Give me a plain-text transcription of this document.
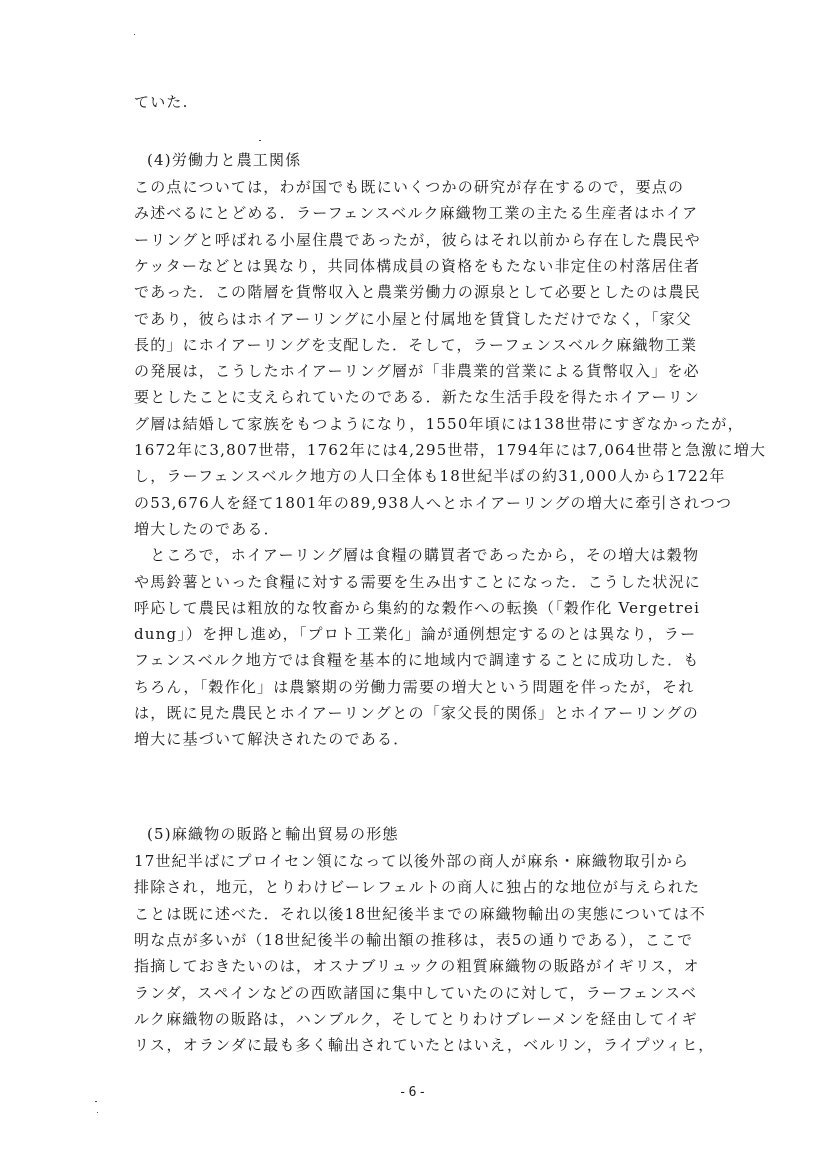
ていた.
(4)労働力と農工関係
この点については，わが国でも既にいくつかの研究が存在するので，要点の
み述べるにとどめる．ラーフェンスベルク麻織物工業の主たる生産者はホイア
ーリングと呼ばれる小屋住農であったが，彼らはそれ以前から存在した農民や
ケッターなどとは異なり，共同体構成員の資格をもたない非定住の村落居住者
であった．この階層を貨幣収入と農業労働力の源泉として必要としたのは農民
であり，彼らはホイアーリングに小屋と付属地を賃貸しただけでなく，「家父
長的」にホイアーリングを支配した．そして，ラーフェンスベルク麻織物工業
の発展は，こうしたホイアーリング層が「非農業的営業による貨幣収入」を必
要としたことに支えられていたのである．新たな生活手段を得たホイアーリン
グ層は結婚して家族をもつようになり，1550年頃には138世帯にすぎなかったが，
1672年に3,807世帯，1762年には4,295世帯，1794年には7,064世帯と急激に増大
し，ラーフェンスベルク地方の人口全体も18世紀半ばの約31,000人から1722年
の53,676人を経て1801年の89,938人へとホイアーリングの増大に牽引されつつ
増大したのである．
　ところで，ホイアーリング層は食糧の購買者であったから，その増大は穀物
や馬鈴薯といった食糧に対する需要を生み出すことになった．こうした状況に
呼応して農民は粗放的な牧畜から集約的な穀作への転換（「穀作化 Vergetrei
dung」）を押し進め，「プロト工業化」論が通例想定するのとは異なり，ラー
フェンスベルク地方では食糧を基本的に地域内で調達することに成功した．も
ちろん，「穀作化」は農繁期の労働力需要の増大という問題を伴ったが，それ
は，既に見た農民とホイアーリングとの「家父長的関係」とホイアーリングの
増大に基づいて解決されたのである．
(5)麻織物の販路と輸出貿易の形態
17世紀半ばにプロイセン領になって以後外部の商人が麻糸・麻織物取引から
排除され，地元，とりわけビーレフェルトの商人に独占的な地位が与えられた
ことは既に述べた．それ以後18世紀後半までの麻織物輸出の実態については不
明な点が多いが（18世紀後半の輸出額の推移は，表5の通りである），ここで
指摘しておきたいのは，オスナブリュックの粗質麻織物の販路がイギリス，オ
ランダ，スペインなどの西欧諸国に集中していたのに対して，ラーフェンスベ
ルク麻織物の販路は，ハンブルク，そしてとりわけブレーメンを経由してイギ
リス，オランダに最も多く輸出されていたとはいえ，ベルリン，ライプツィヒ，
-6-
